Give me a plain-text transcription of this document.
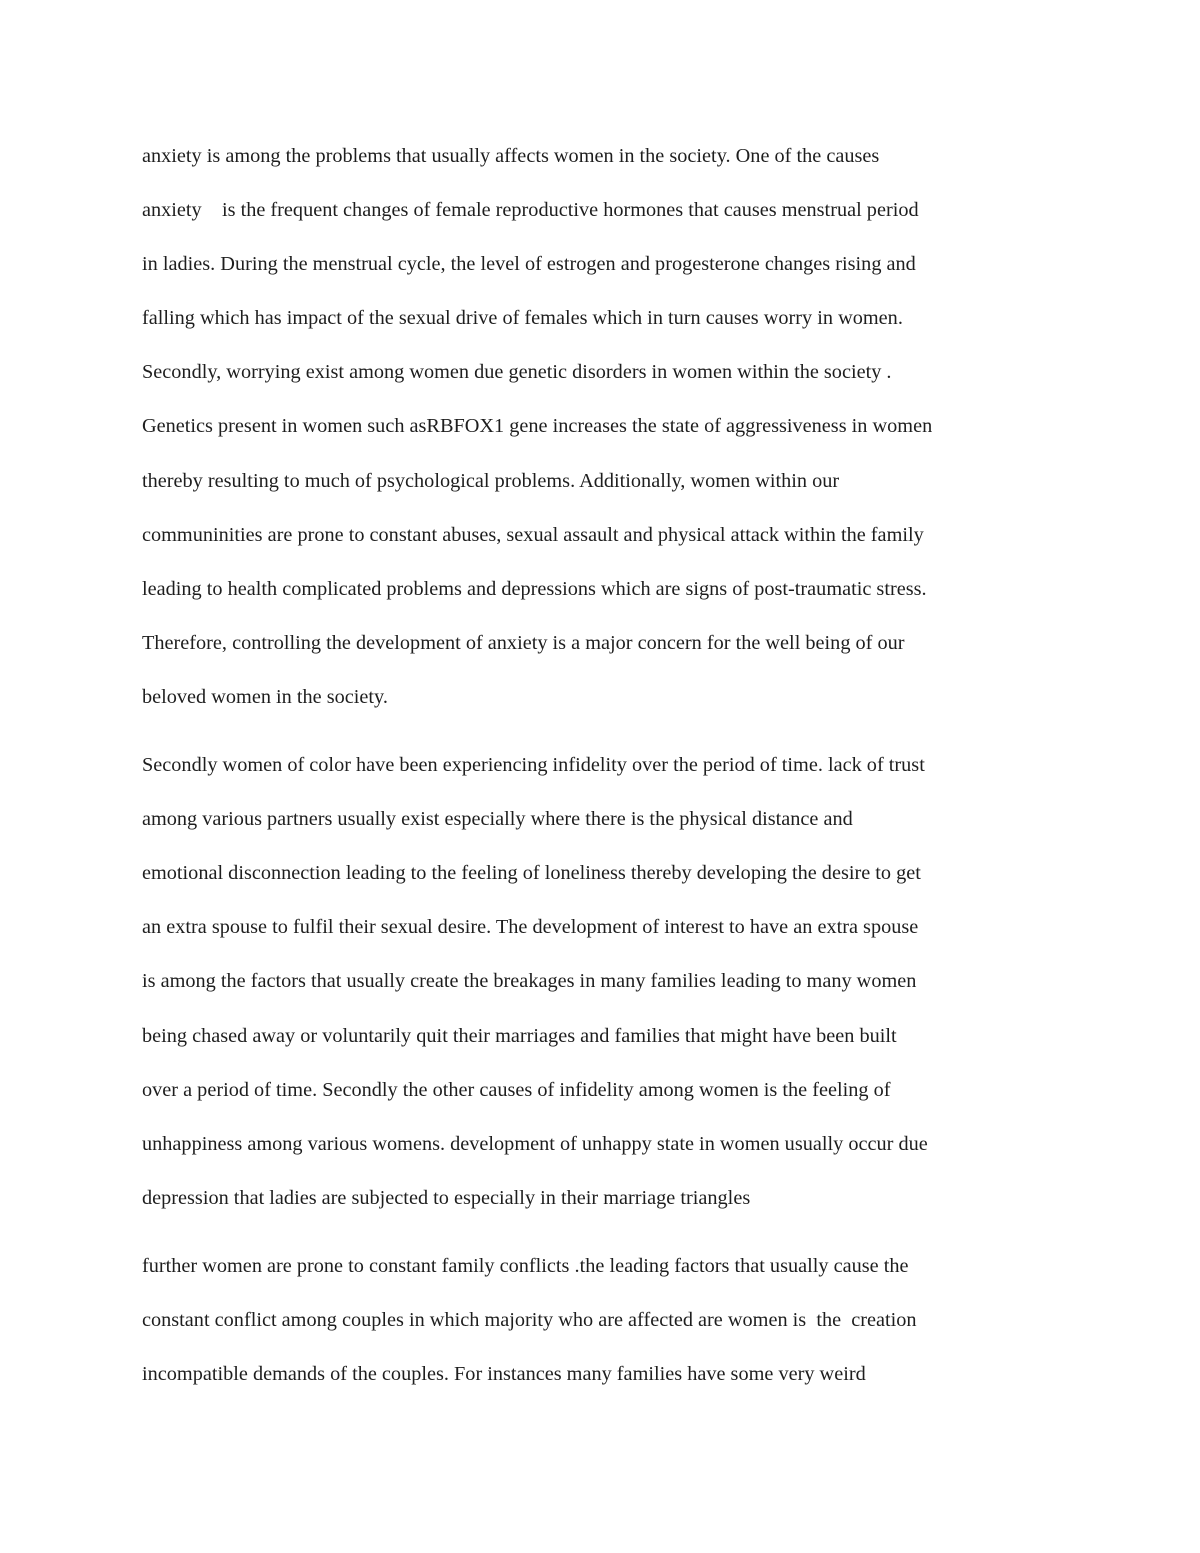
anxiety is among the problems that usually affects women in the society. One of the causes
anxiety    is the frequent changes of female reproductive hormones that causes menstrual period
in ladies. During the menstrual cycle, the level of estrogen and progesterone changes rising and
falling which has impact of the sexual drive of females which in turn causes worry in women.
Secondly, worrying exist among women due genetic disorders in women within the society .
Genetics present in women such asRBFOX1 gene increases the state of aggressiveness in women
thereby resulting to much of psychological problems. Additionally, women within our
communinities are prone to constant abuses, sexual assault and physical attack within the family
leading to health complicated problems and depressions which are signs of post-traumatic stress.
Therefore, controlling the development of anxiety is a major concern for the well being of our
beloved women in the society.
Secondly women of color have been experiencing infidelity over the period of time. lack of trust
among various partners usually exist especially where there is the physical distance and
emotional disconnection leading to the feeling of loneliness thereby developing the desire to get
an extra spouse to fulfil their sexual desire. The development of interest to have an extra spouse
is among the factors that usually create the breakages in many families leading to many women
being chased away or voluntarily quit their marriages and families that might have been built
over a period of time. Secondly the other causes of infidelity among women is the feeling of
unhappiness among various womens. development of unhappy state in women usually occur due
depression that ladies are subjected to especially in their marriage triangles
further women are prone to constant family conflicts .the leading factors that usually cause the
constant conflict among couples in which majority who are affected are women is  the  creation
incompatible demands of the couples. For instances many families have some very weird
